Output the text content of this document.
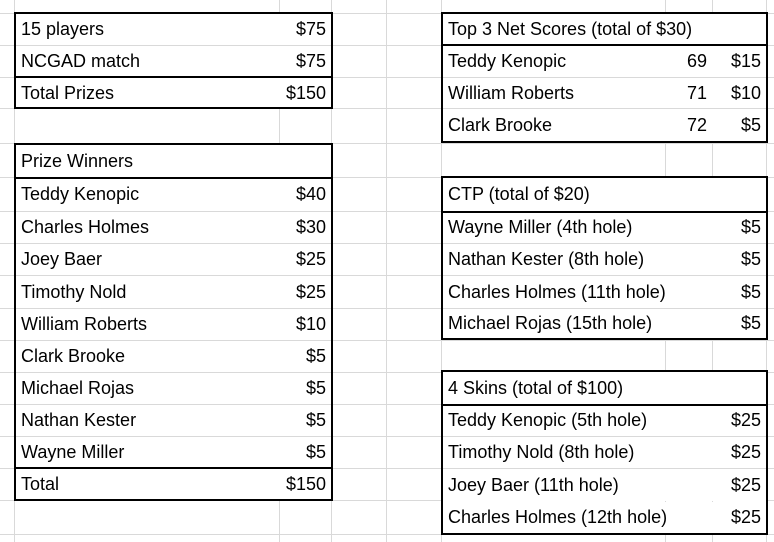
15 players	$75
NCGAD match	$75
Total Prizes	$150
Prize Winners
Teddy Kenopic	$40
Charles Holmes	$30
Joey Baer	$25
Timothy Nold	$25
William Roberts	$10
Clark Brooke	$5
Michael Rojas	$5
Nathan Kester	$5
Wayne Miller	$5
Total	$150
Top 3 Net Scores (total of $30)
Teddy Kenopic	69	$15
William Roberts	71	$10
Clark Brooke	72	$5
CTP (total of $20)
Wayne Miller (4th hole)	$5
Nathan Kester (8th hole)	$5
Charles Holmes (11th hole)	$5
Michael Rojas (15th hole)	$5
4 Skins (total of $100)
Teddy Kenopic (5th hole)	$25
Timothy Nold (8th hole)	$25
Joey Baer (11th hole)	$25
Charles Holmes (12th hole)	$25
